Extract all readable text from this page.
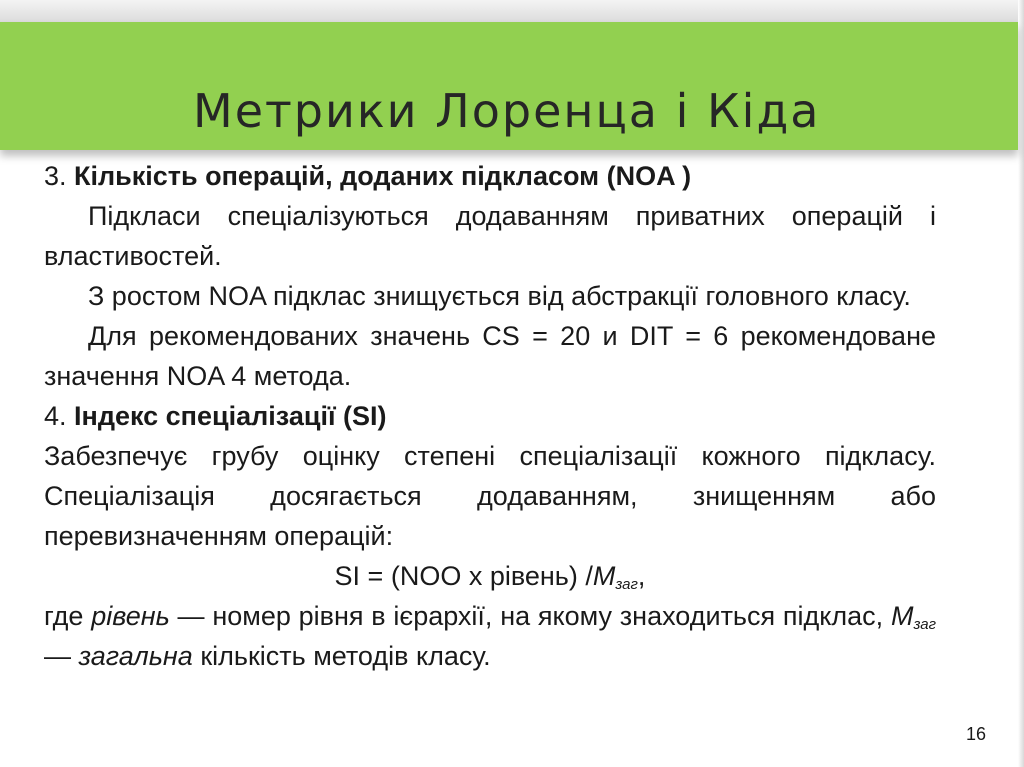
Метрики Лоренца і Кіда

3. Кількість операцій, доданих підкласом (NOA )

Підкласи спеціалізуються додаванням приватних операцій і властивостей.

З ростом NOA підклас знищується від абстракції головного класу.

Для рекомендованих значень CS = 20 и DIT = 6 рекомендоване значення NOA 4 метода.

4. Індекс спеціалізації (SI)

Забезпечує грубу оцінку степені спеціалізації кожного підкласу. Спеціалізація досягається додаванням, знищенням або перевизначенням операцій:

SI = (NOO x рівень) $/M_{заг}$,

где рівень — номер рівня в ієрархії, на якому знаходиться підклас, $M_{заг}$ — загальна кількість методів класу.

16
